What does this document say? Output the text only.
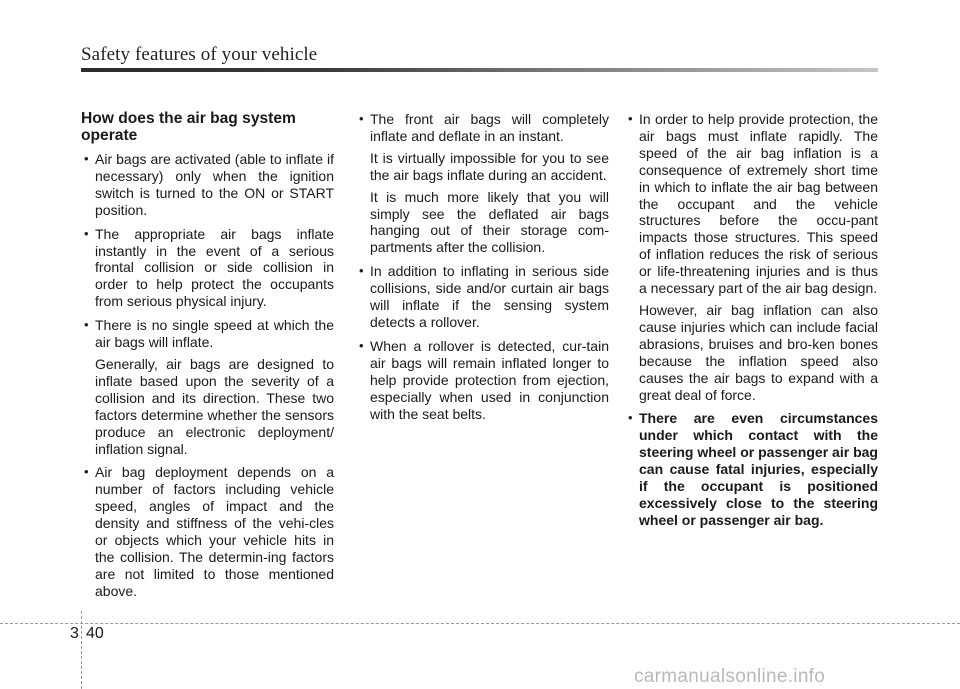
Safety features of your vehicle
How does the air bag system operate

• Air bags are activated (able to inflate if necessary) only when the ignition switch is turned to the ON or START position.

• The appropriate air bags inflate instantly in the event of a serious frontal collision or side collision in order to help protect the occupants from serious physical injury.

• There is no single speed at which the air bags will inflate.

Generally, air bags are designed to inflate based upon the severity of a collision and its direction. These two factors determine whether the sensors produce an electronic deployment/ inflation signal.

• Air bag deployment depends on a number of factors including vehicle speed, angles of impact and the density and stiffness of the vehi-cles or objects which your vehicle hits in the collision. The determin-ing factors are not limited to those mentioned above.

• The front air bags will completely inflate and deflate in an instant.

It is virtually impossible for you to see the air bags inflate during an accident.

It is much more likely that you will simply see the deflated air bags hanging out of their storage com-partments after the collision.

• In addition to inflating in serious side collisions, side and/or curtain air bags will inflate if the sensing system detects a rollover.

• When a rollover is detected, cur-tain air bags will remain inflated longer to help provide protection from ejection, especially when used in conjunction with the seat belts.

• In order to help provide protection, the air bags must inflate rapidly. The speed of the air bag inflation is a consequence of extremely short time in which to inflate the air bag between the occupant and the vehicle structures before the occu-pant impacts those structures. This speed of inflation reduces the risk of serious or life-threatening injuries and is thus a necessary part of the air bag design.

However, air bag inflation can also cause injuries which can include facial abrasions, bruises and bro-ken bones because the inflation speed also causes the air bags to expand with a great deal of force.

• There are even circumstances under which contact with the steering wheel or passenger air bag can cause fatal injuries, especially if the occupant is positioned excessively close to the steering wheel or passenger air bag.

3 40
carmanualsonline.info
